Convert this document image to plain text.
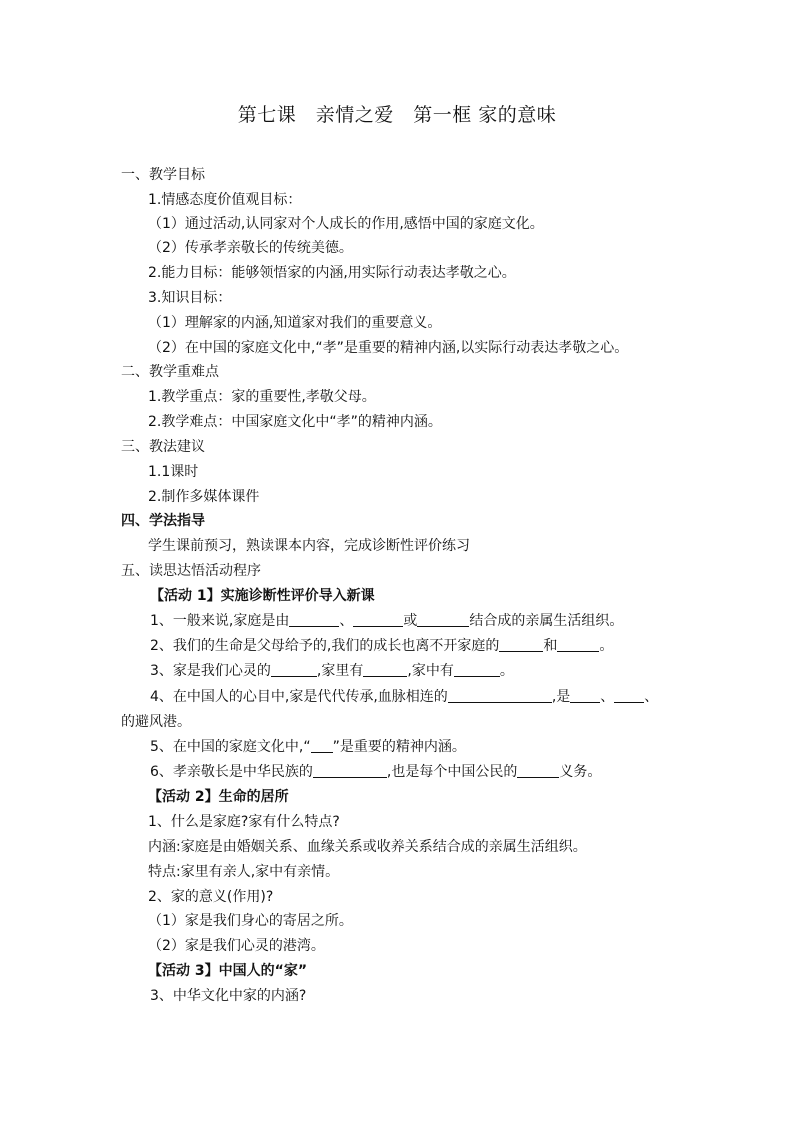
第七课　亲情之爱　第一框 家的意味
一、教学目标
1.情感态度价值观目标：
（1）通过活动,认同家对个人成长的作用,感悟中国的家庭文化。
（2）传承孝亲敬长的传统美德。
2.能力目标：能够领悟家的内涵,用实际行动表达孝敬之心。
3.知识目标：
（1）理解家的内涵,知道家对我们的重要意义。
（2）在中国的家庭文化中,“孝”是重要的精神内涵,以实际行动表达孝敬之心。
二、教学重难点
1.教学重点：家的重要性,孝敬父母。
2.教学难点：中国家庭文化中“孝”的精神内涵。
三、教法建议
1.1课时
2.制作多媒体课件
四、学法指导
学生课前预习，熟读课本内容，完成诊断性评价练习
五、读思达悟活动程序
【活动 1】实施诊断性评价导入新课
1、一般来说,家庭是由	、	或	结合成的亲属生活组织。
2、我们的生命是父母给予的,我们的成长也离不开家庭的	和	。
3、家是我们心灵的	,家里有	,家中有	。
4、在中国人的心目中,家是代代传承,血脉相连的	,是 、 、
的避风港。
5、在中国的家庭文化中,“ ”是重要的精神内涵。
6、孝亲敬长是中华民族的	,也是每个中国公民的	义务。
【活动 2】生命的居所
1、什么是家庭?家有什么特点?
内涵:家庭是由婚姻关系、血缘关系或收养关系结合成的亲属生活组织。
特点:家里有亲人,家中有亲情。
2、家的意义(作用)?
（1）家是我们身心的寄居之所。
（2）家是我们心灵的港湾。
【活动 3】中国人的“家”
3、中华文化中家的内涵?
